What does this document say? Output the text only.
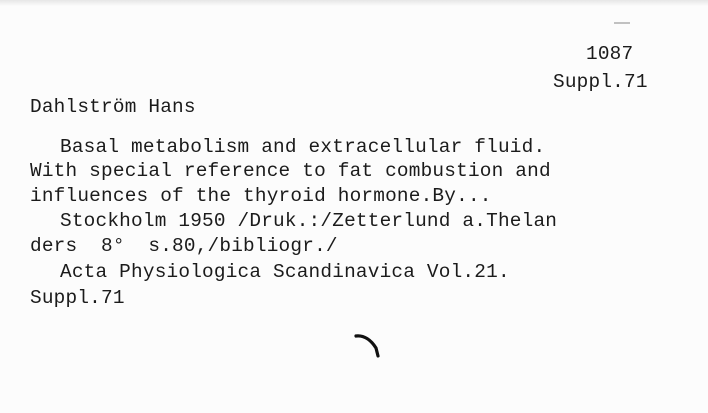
1087
Suppl.71
Dahlström Hans
Basal metabolism and extracellular fluid.
With special reference to fat combustion and
influences of the thyroid hormone.By...
Stockholm 1950 /Druk.:/Zetterlund a.Thelan
ders  8°  s.80,/bibliogr./
Acta Physiologica Scandinavica Vol.21.
Suppl.71
